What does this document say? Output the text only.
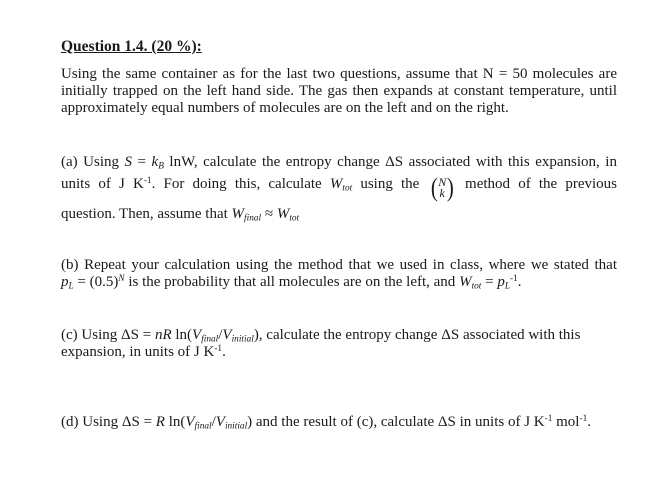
Question 1.4. (20 %):
Using the same container as for the last two questions, assume that N = 50 molecules are
initially trapped on the left hand side. The gas then expands at constant temperature, until
approximately equal numbers of molecules are on the left and on the right.
(a) Using $S = k_B$ lnW, calculate the entropy change ΔS associated with this expansion, in
units of J $K^{-1}$. For doing this, calculate $W_{tot}$ using the ( N
k ) method of the previous
question. Then, assume that $W_{final} \approx W_{tot}$
(b) Repeat your calculation using the method that we used in class, where we stated that
$p_L = (0.5)^N$ is the probability that all molecules are on the left, and $W_{tot} = p_L^{-1}$.
(c) Using ΔS = nR $\ln(V_{final}/V_{initial})$, calculate the entropy change ΔS associated with this
expansion, in units of J $K^{-1}$.
(d) Using ΔS = R $\ln(V_{final}/V_{initial})$ and the result of (c), calculate ΔS in units of J $K^{-1}$ mol$^{-1}$.
